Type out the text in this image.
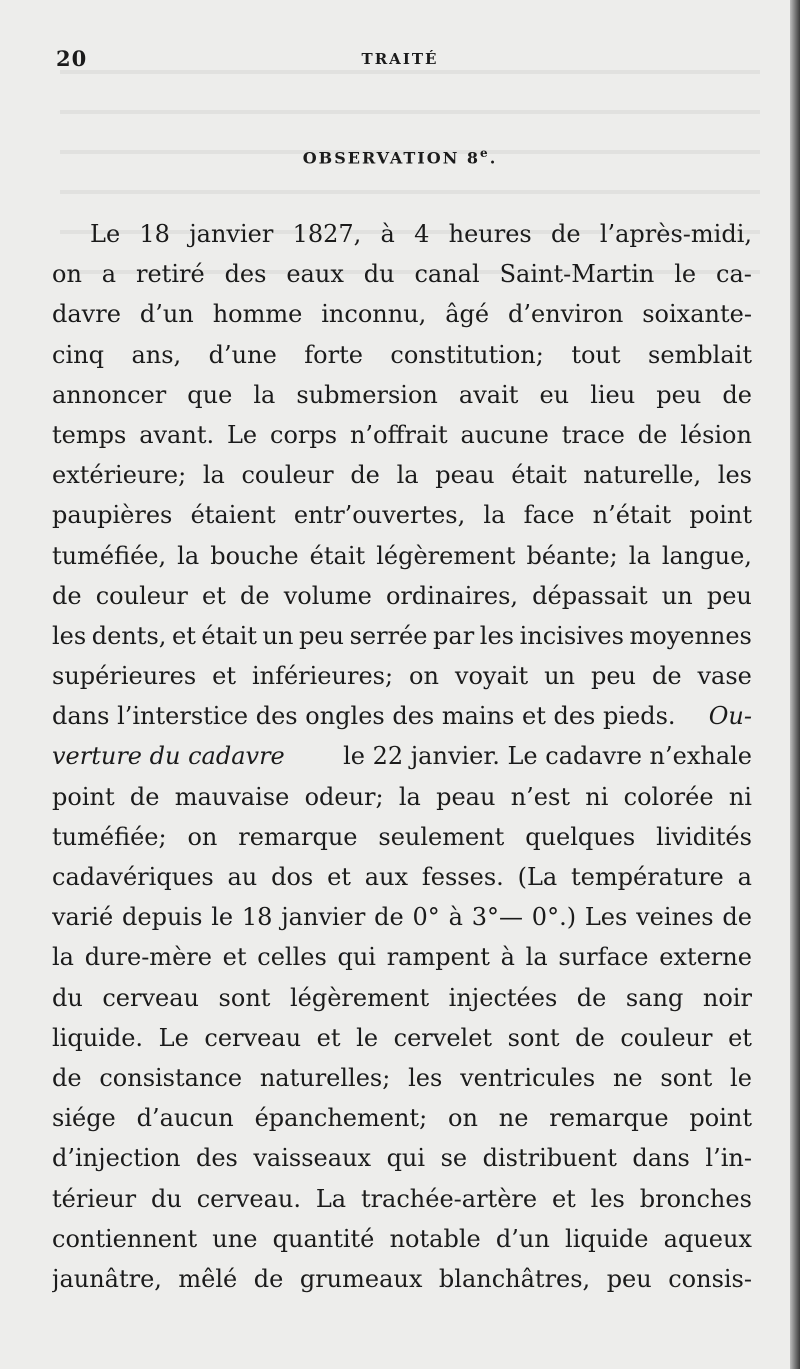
20	TRAITÉ
OBSERVATION 8e.
Le 18 janvier 1827, à 4 heures de l’après-midi,
on a retiré des eaux du canal Saint-Martin le ca-
davre d’un homme inconnu, âgé d’environ soixante-
cinq ans, d’une forte constitution; tout semblait
annoncer que la submersion avait eu lieu peu de
temps avant. Le corps n’offrait aucune trace de lésion
extérieure; la couleur de la peau était naturelle, les
paupières étaient entr’ouvertes, la face n’était point
tuméfiée, la bouche était légèrement béante; la langue,
de couleur et de volume ordinaires, dépassait un peu
les dents, et était un peu serrée par les incisives moyennes
supérieures et inférieures; on voyait un peu de vase
dans l’interstice des ongles des mains et des pieds. Ou-
verture du cadavre le 22 janvier. Le cadavre n’exhale
point de mauvaise odeur; la peau n’est ni colorée ni
tuméfiée; on remarque seulement quelques lividités
cadavériques au dos et aux fesses. (La température a
varié depuis le 18 janvier de 0° à 3°— 0°.) Les veines de
la dure-mère et celles qui rampent à la surface externe
du cerveau sont légèrement injectées de sang noir
liquide. Le cerveau et le cervelet sont de couleur et
de consistance naturelles; les ventricules ne sont le
siége d’aucun épanchement; on ne remarque point
d’injection des vaisseaux qui se distribuent dans l’in-
térieur du cerveau. La trachée-artère et les bronches
contiennent une quantité notable d’un liquide aqueux
jaunâtre, mêlé de grumeaux blanchâtres, peu consis-
